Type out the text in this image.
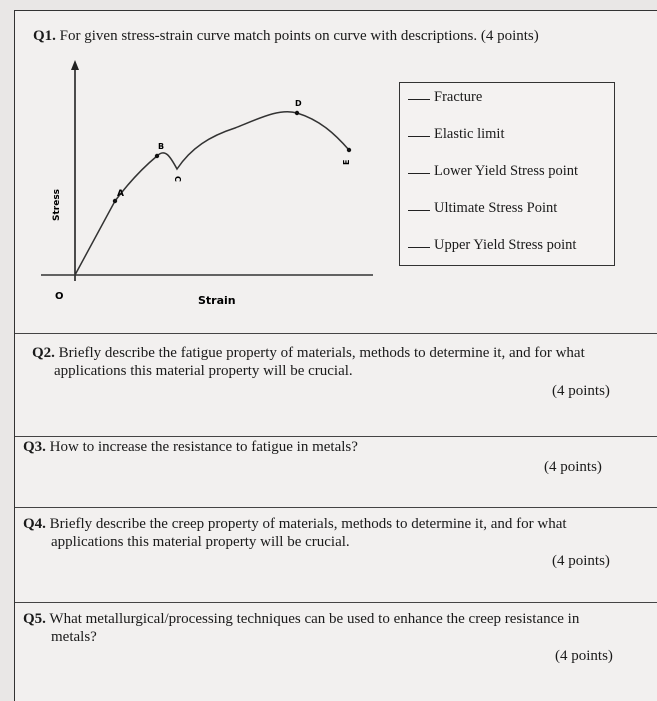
Q1. For given stress-strain curve match points on curve with descriptions. (4 points)
A
B
C
D
E
O	Strain
Stress
Fracture
Elastic limit
Lower Yield Stress point
Ultimate Stress Point
Upper Yield Stress point
Q2. Briefly describe the fatigue property of materials, methods to determine it, and for what
applications this material property will be crucial.
(4 points)
Q3. How to increase the resistance to fatigue in metals?
(4 points)
Q4. Briefly describe the creep property of materials, methods to determine it, and for what
applications this material property will be crucial.
(4 points)
Q5. What metallurgical/processing techniques can be used to enhance the creep resistance in
metals?
(4 points)
